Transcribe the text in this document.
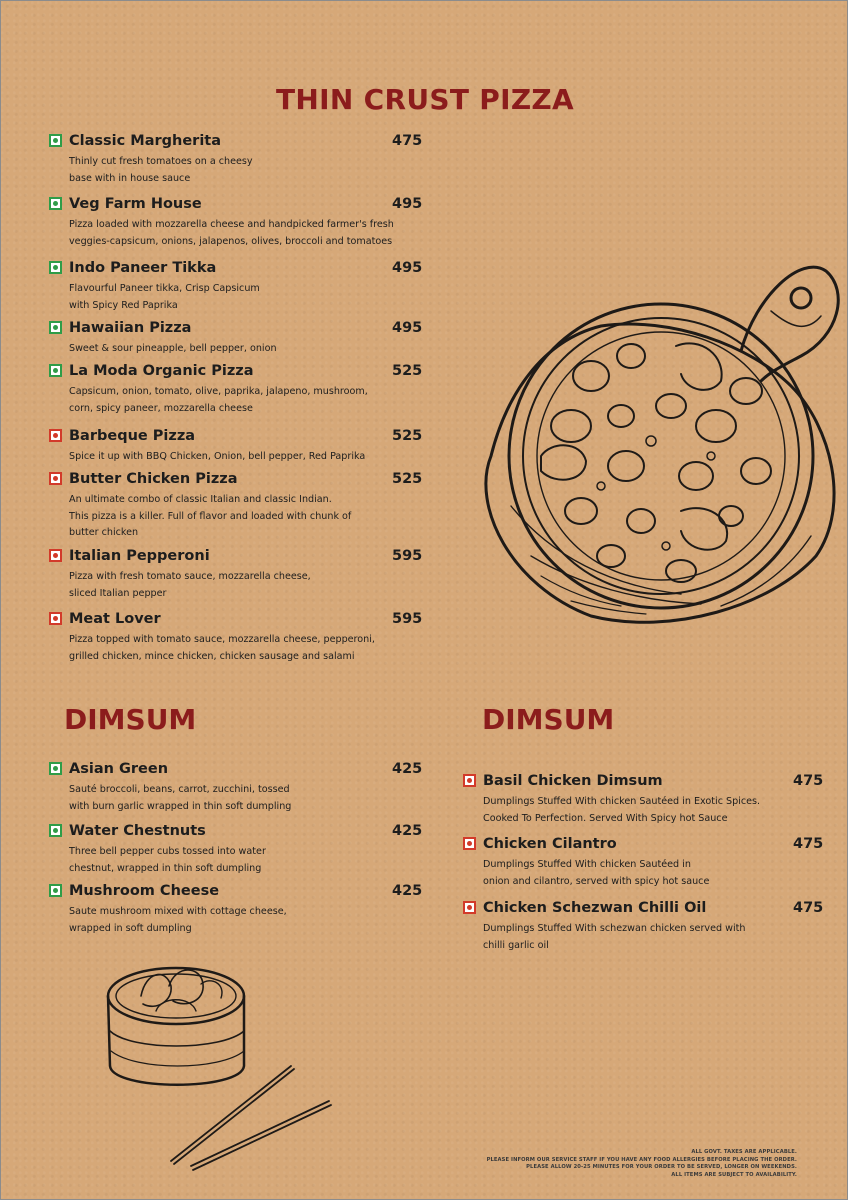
THIN CRUST PIZZA
Classic Margherita	475
Thinly cut fresh tomatoes on a cheesy
base with in house sauce
Veg Farm House	495
Pizza loaded with mozzarella cheese and handpicked farmer's fresh
veggies-capsicum, onions, jalapenos, olives, broccoli and tomatoes
Indo Paneer Tikka	495
Flavourful Paneer tikka, Crisp Capsicum
with Spicy Red Paprika
Hawaiian Pizza	495
Sweet & sour pineapple, bell pepper, onion
La Moda Organic Pizza	525
Capsicum, onion, tomato, olive, paprika, jalapeno, mushroom,
corn, spicy paneer, mozzarella cheese
Barbeque Pizza	525
Spice it up with BBQ Chicken, Onion, bell pepper, Red Paprika
Butter Chicken Pizza	525
An ultimate combo of classic Italian and classic Indian.
This pizza is a killer. Full of flavor and loaded with chunk of
butter chicken
Italian Pepperoni	595
Pizza with fresh tomato sauce, mozzarella cheese,
sliced Italian pepper
Meat Lover	595
Pizza topped with tomato sauce, mozzarella cheese, pepperoni,
grilled chicken, mince chicken, chicken sausage and salami
DIMSUM
Asian Green	425
Sauté broccoli, beans, carrot, zucchini, tossed
with burn garlic wrapped in thin soft dumpling
Water Chestnuts	425
Three bell pepper cubs tossed into water
chestnut, wrapped in thin soft dumpling
Mushroom Cheese	425
Saute mushroom mixed with cottage cheese,
wrapped in soft dumpling
DIMSUM
Basil Chicken Dimsum	475
Dumplings Stuffed With chicken Sautéed in Exotic Spices.
Cooked To Perfection. Served With Spicy hot Sauce
Chicken Cilantro	475
Dumplings Stuffed With chicken Sautéed in
onion and cilantro, served with spicy hot sauce
Chicken Schezwan Chilli Oil	475
Dumplings Stuffed With schezwan chicken served with
chilli garlic oil
ALL GOVT. TAXES ARE APPLICABLE.
PLEASE INFORM OUR SERVICE STAFF IF YOU HAVE ANY FOOD ALLERGIES BEFORE PLACING THE ORDER.
PLEASE ALLOW 20-25 MINUTES FOR YOUR ORDER TO BE SERVED, LONGER ON WEEKENDS.
ALL ITEMS ARE SUBJECT TO AVAILABILITY.
